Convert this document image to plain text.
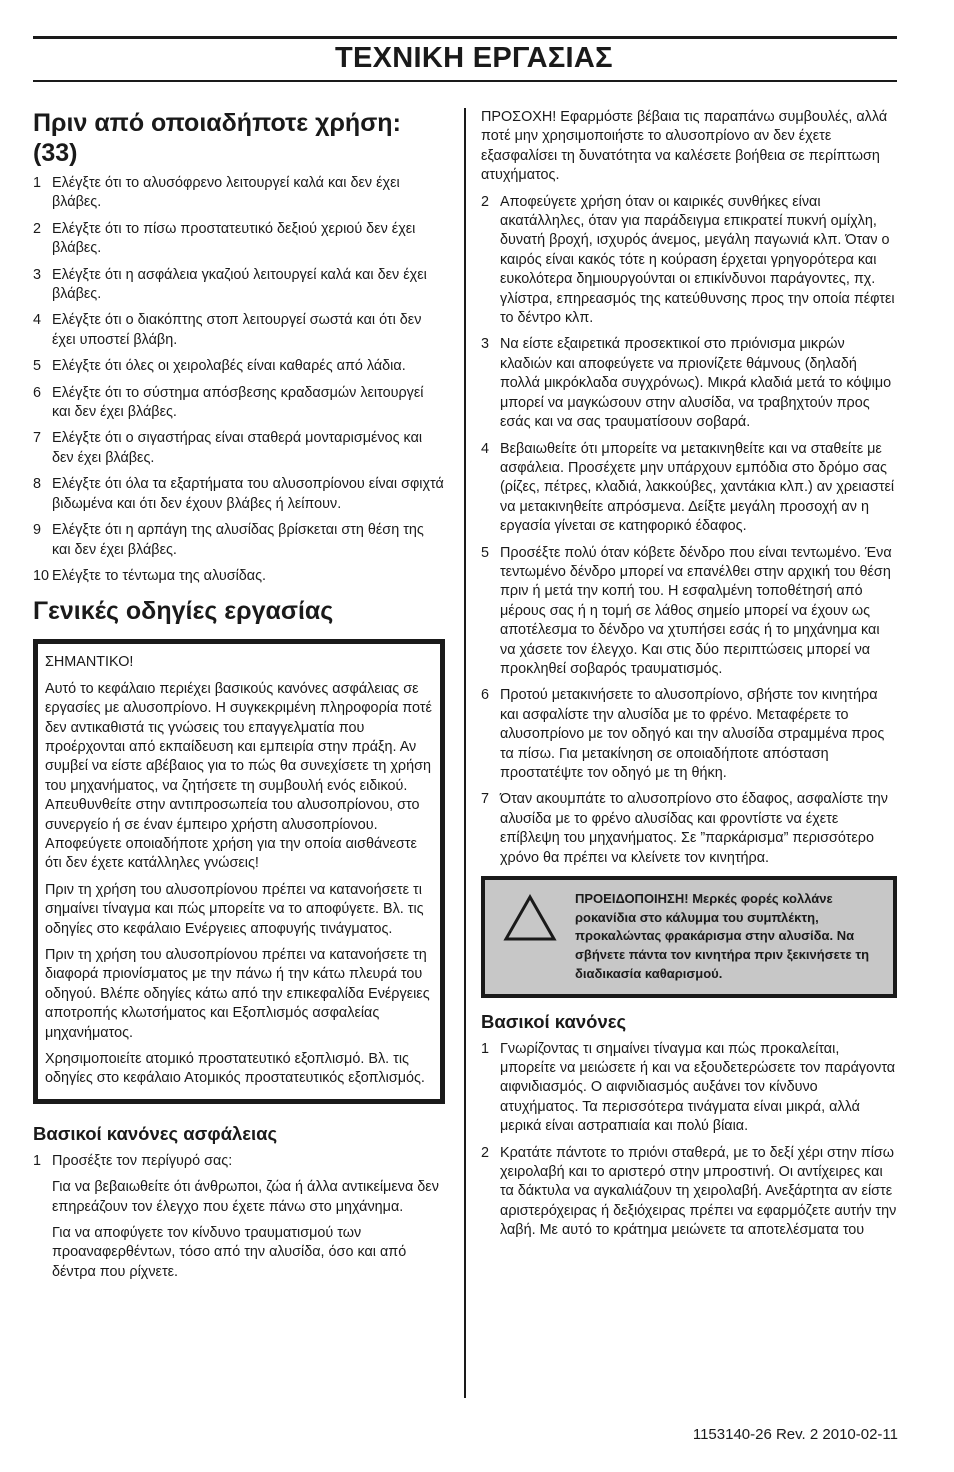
ΤΕΧΝΙΚΗ ΕΡΓΑΣΙΑΣ
Πριν από οποιαδήποτε χρήση: (33)
1 Ελέγξτε ότι το αλυσόφρενο λειτουργεί καλά και δεν έχει βλάβες.
2 Ελέγξτε ότι το πίσω προστατευτικό δεξιού χεριού δεν έχει βλάβες.
3 Ελέγξτε ότι η ασφάλεια γκαζιού λειτουργεί καλά και δεν έχει βλάβες.
4 Ελέγξτε ότι ο διακόπτης στοπ λειτουργεί σωστά και ότι δεν έχει υποστεί βλάβη.
5 Ελέγξτε ότι όλες οι χειρολαβές είναι καθαρές από λάδια.
6 Ελέγξτε ότι το σύστημα απόσβεσης κραδασμών λειτουργεί και δεν έχει βλάβες.
7 Ελέγξτε ότι ο σιγαστήρας είναι σταθερά μονταρισμένος και δεν έχει βλάβες.
8 Ελέγξτε ότι όλα τα εξαρτήματα του αλυσοπρίονου είναι σφιχτά βιδωμένα και ότι δεν έχουν βλάβες ή λείπουν.
9 Ελέγξτε ότι η αρπάγη της αλυσίδας βρίσκεται στη θέση της και δεν έχει βλάβες.
10 Ελέγξτε το τέντωμα της αλυσίδας.
Γενικές οδηγίες εργασίας

ΣΗΜΑΝΤΙΚΟ!

Αυτό το κεφάλαιο περιέχει βασικούς κανόνες ασφάλειας σε εργασίες με αλυσοπρίονο. Η συγκεκριμένη πληροφορία ποτέ δεν αντικαθιστά τις γνώσεις του επαγγελματία που προέρχονται από εκπαίδευση και εμπειρία στην πράξη. Αν συμβεί να είστε αβέβαιος για το πώς θα συνεχίσετε τη χρήση του μηχανήματος, να ζητήσετε τη συμβουλή ενός ειδικού. Απευθυνθείτε στην αντιπροσωπεία του αλυσοπρίονου, στο συνεργείο ή σε έναν έμπειρο χρήστη αλυσοπρίονου. Αποφεύγετε οποιαδήποτε χρήση για την οποία αισθάνεστε ότι δεν έχετε κατάλληλες γνώσεις!

Πριν τη χρήση του αλυσοπρίονου πρέπει να κατανοήσετε τι σημαίνει τίναγμα και πώς μπορείτε να το αποφύγετε. Βλ. τις οδηγίες στο κεφάλαιο Ενέργειες αποφυγής τινάγματος.

Πριν τη χρήση του αλυσοπρίονου πρέπει να κατανοήσετε τη διαφορά πριονίσματος με την πάνω ή την κάτω πλευρά του οδηγού. Βλέπε οδηγίες κάτω από την επικεφαλίδα Ενέργειες αποτροπής κλωτσήματος και Εξοπλισμός ασφαλείας μηχανήματος.

Χρησιμοποιείτε ατομικό προστατευτικό εξοπλισμό. Βλ. τις οδηγίες στο κεφάλαιο Ατομικός προστατευτικός εξοπλισμός.

Βασικοί κανόνες ασφάλειας
1 Προσέξτε τον περίγυρό σας:

Για να βεβαιωθείτε ότι άνθρωποι, ζώα ή άλλα αντικείμενα δεν επηρεάζουν τον έλεγχο που έχετε πάνω στο μηχάνημα.

Για να αποφύγετε τον κίνδυνο τραυματισμού των προαναφερθέντων, τόσο από την αλυσίδα, όσο και από δέντρα που ρίχνετε.

ΠΡΟΣΟΧΗ! Εφαρμόστε βέβαια τις παραπάνω συμβουλές, αλλά ποτέ μην χρησιμοποιήστε το αλυσοπρίονο αν δεν έχετε εξασφαλίσει τη δυνατότητα να καλέσετε βοήθεια σε περίπτωση ατυχήματος.

2 Αποφεύγετε χρήση όταν οι καιρικές συνθήκες είναι ακατάλληλες, όταν για παράδειγμα επικρατεί πυκνή ομίχλη, δυνατή βροχή, ισχυρός άνεμος, μεγάλη παγωνιά κλπ. Όταν ο καιρός είναι κακός τότε η κούραση έρχεται γρηγορότερα και ευκολότερα δημιουργούνται οι επικίνδυνοι παράγοντες, πχ. γλίστρα, επηρεασμός της κατεύθυνσης προς την οποία πέφτει το δέντρο κλπ.
3 Να είστε εξαιρετικά προσεκτικοί στο πριόνισμα μικρών κλαδιών και αποφεύγετε να πριονίζετε θάμνους (δηλαδή πολλά μικρόκλαδα συγχρόνως). Μικρά κλαδιά μετά το κόψιμο μπορεί να μαγκώσουν στην αλυσίδα, να τραβηχτούν προς εσάς και να σας τραυματίσουν σοβαρά.
4 Βεβαιωθείτε ότι μπορείτε να μετακινηθείτε και να σταθείτε με ασφάλεια. Προσέχετε μην υπάρχουν εμπόδια στο δρόμο σας (ρίζες, πέτρες, κλαδιά, λακκούβες, χαντάκια κλπ.) αν χρειαστεί να μετακινηθείτε απρόσμενα. Δείξτε μεγάλη προσοχή αν η εργασία γίνεται σε κατηφορικό έδαφος.
5 Προσέξτε πολύ όταν κόβετε δένδρο που είναι τεντωμένο. Ένα τεντωμένο δένδρο μπορεί να επανέλθει στην αρχική του θέση πριν ή μετά την κοπή του. Η εσφαλμένη τοποθέτησή από μέρους σας ή η τομή σε λάθος σημείο μπορεί να έχουν ως αποτέλεσμα το δένδρο να χτυπήσει εσάς ή το μηχάνημα και να χάσετε τον έλεγχο. Και στις δύο περιπτώσεις μπορεί να προκληθεί σοβαρός τραυματισμός.
6 Προτού μετακινήσετε το αλυσοπρίονο, σβήστε τον κινητήρα και ασφαλίστε την αλυσίδα με το φρένο. Μεταφέρετε το αλυσοπρίονο με τον οδηγό και την αλυσίδα στραμμένα προς τα πίσω. Για μετακίνηση σε οποιαδήποτε απόσταση προστατέψτε τον οδηγό με τη θήκη.
7 Όταν ακουμπάτε το αλυσοπρίονο στο έδαφος, ασφαλίστε την αλυσίδα με το φρένο αλυσίδας και φροντίστε να έχετε επίβλεψη του μηχανήματος. Σε ”παρκάρισμα” περισσότερο χρόνο θα πρέπει να κλείνετε τον κινητήρα.
ΠΡΟΕΙΔΟΠΟΙΗΣΗ! Μερκές φορές κολλάνε ροκανίδια στο κάλυμμα του συμπλέκτη, προκαλώντας φρακάρισμα στην αλυσίδα. Να σβήνετε πάντα τον κινητήρα πριν ξεκινήσετε τη διαδικασία καθαρισμού.
Βασικοί κανόνες
1 Γνωρίζοντας τι σημαίνει τίναγμα και πώς προκαλείται, μπορείτε να μειώσετε ή και να εξουδετερώσετε τον παράγοντα αιφνιδιασμός. Ο αιφνιδιασμός αυξάνει τον κίνδυνο ατυχήματος. Τα περισσότερα τινάγματα είναι μικρά, αλλά μερικά είναι αστραπιαία και πολύ βίαια.
2 Κρατάτε πάντοτε το πριόνι σταθερά, με το δεξί χέρι στην πίσω χειρολαβή και το αριστερό στην μπροστινή. Οι αντίχειρες και τα δάκτυλα να αγκαλιάζουν τη χειρολαβή. Ανεξάρτητα αν είστε αριστερόχειρας ή δεξιόχειρας πρέπει να εφαρμόζετε αυτήν την λαβή. Με αυτό το κράτημα μειώνετε τα αποτελέσματα του
1153140-26 Rev. 2 2010-02-11
